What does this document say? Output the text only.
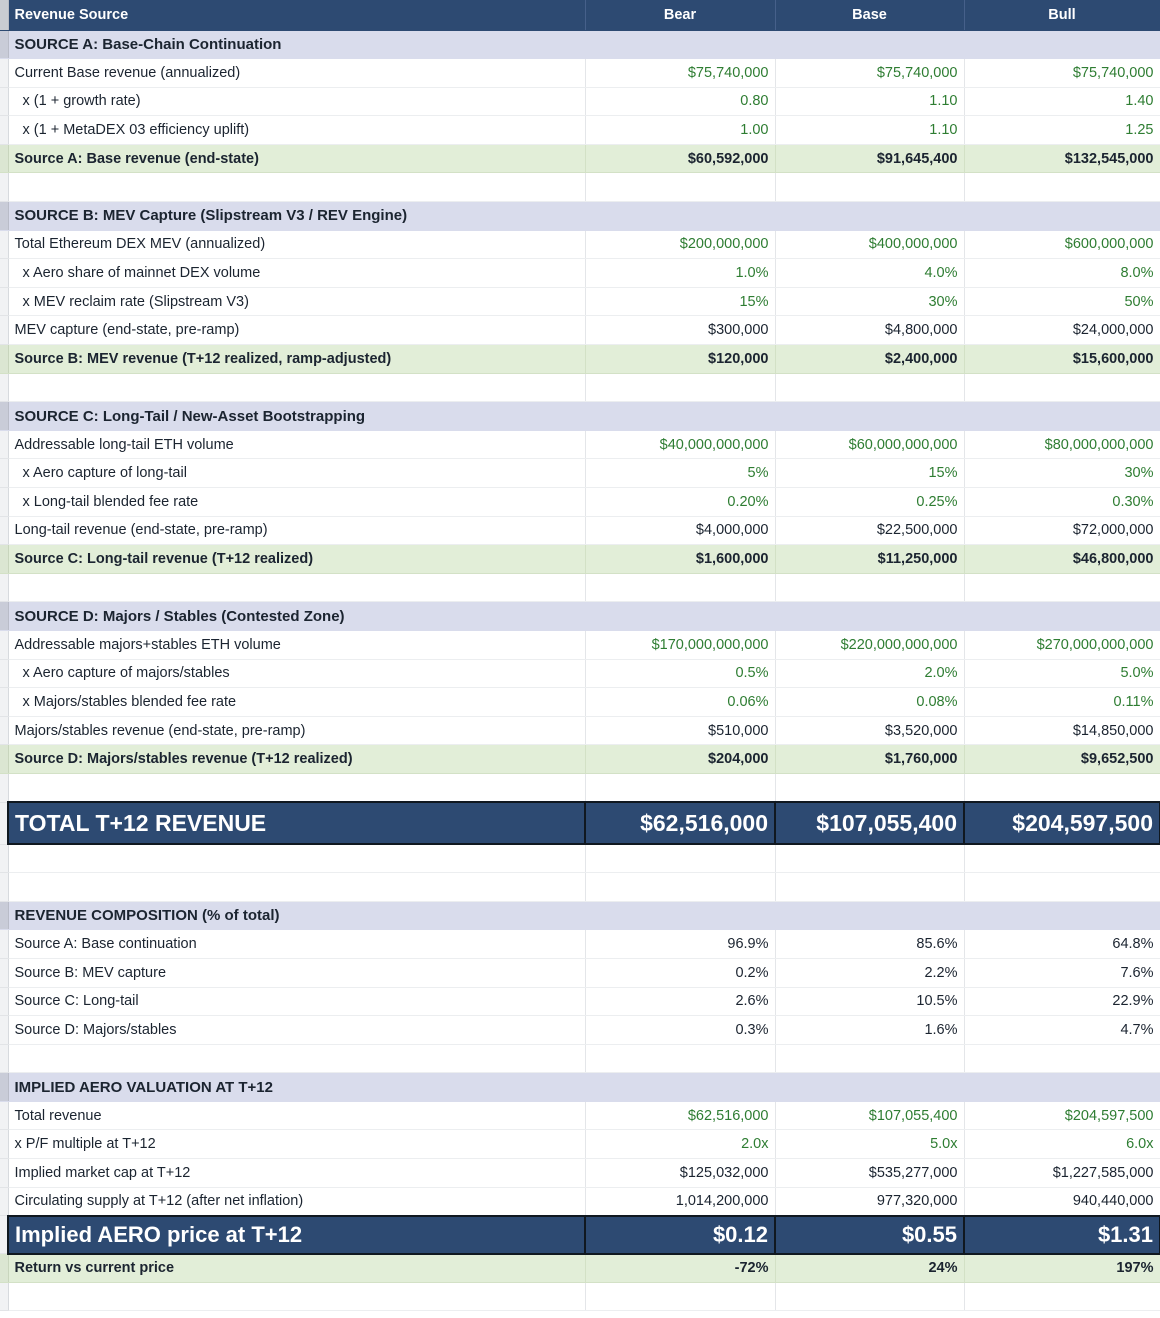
	Revenue Source	Bear	Base	Bull
	SOURCE A: Base-Chain Continuation			
	Current Base revenue (annualized)	$75,740,000	$75,740,000	$75,740,000
	x (1 + growth rate)	0.80	1.10	1.40
	x (1 + MetaDEX 03 efficiency uplift)	1.00	1.10	1.25
	Source A: Base revenue (end-state)	$60,592,000	$91,645,400	$132,545,000

	SOURCE B: MEV Capture (Slipstream V3 / REV Engine)			
	Total Ethereum DEX MEV (annualized)	$200,000,000	$400,000,000	$600,000,000
	x Aero share of mainnet DEX volume	1.0%	4.0%	8.0%
	x MEV reclaim rate (Slipstream V3)	15%	30%	50%
	MEV capture (end-state, pre-ramp)	$300,000	$4,800,000	$24,000,000
	Source B: MEV revenue (T+12 realized, ramp-adjusted)	$120,000	$2,400,000	$15,600,000

	SOURCE C: Long-Tail / New-Asset Bootstrapping			
	Addressable long-tail ETH volume	$40,000,000,000	$60,000,000,000	$80,000,000,000
	x Aero capture of long-tail	5%	15%	30%
	x Long-tail blended fee rate	0.20%	0.25%	0.30%
	Long-tail revenue (end-state, pre-ramp)	$4,000,000	$22,500,000	$72,000,000
	Source C: Long-tail revenue (T+12 realized)	$1,600,000	$11,250,000	$46,800,000

	SOURCE D: Majors / Stables (Contested Zone)			
	Addressable majors+stables ETH volume	$170,000,000,000	$220,000,000,000	$270,000,000,000
	x Aero capture of majors/stables	0.5%	2.0%	5.0%
	x Majors/stables blended fee rate	0.06%	0.08%	0.11%
	Majors/stables revenue (end-state, pre-ramp)	$510,000	$3,520,000	$14,850,000
	Source D: Majors/stables revenue (T+12 realized)	$204,000	$1,760,000	$9,652,500

	TOTAL T+12 REVENUE	$62,516,000	$107,055,400	$204,597,500

	REVENUE COMPOSITION (% of total)			
	Source A: Base continuation	96.9%	85.6%	64.8%
	Source B: MEV capture	0.2%	2.2%	7.6%
	Source C: Long-tail	2.6%	10.5%	22.9%
	Source D: Majors/stables	0.3%	1.6%	4.7%

	IMPLIED AERO VALUATION AT T+12			
	Total revenue	$62,516,000	$107,055,400	$204,597,500
	x P/F multiple at T+12	2.0x	5.0x	6.0x
	Implied market cap at T+12	$125,032,000	$535,277,000	$1,227,585,000
	Circulating supply at T+12 (after net inflation)	1,014,200,000	977,320,000	940,440,000
	Implied AERO price at T+12	$0.12	$0.55	$1.31
	Return vs current price	-72%	24%	197%
